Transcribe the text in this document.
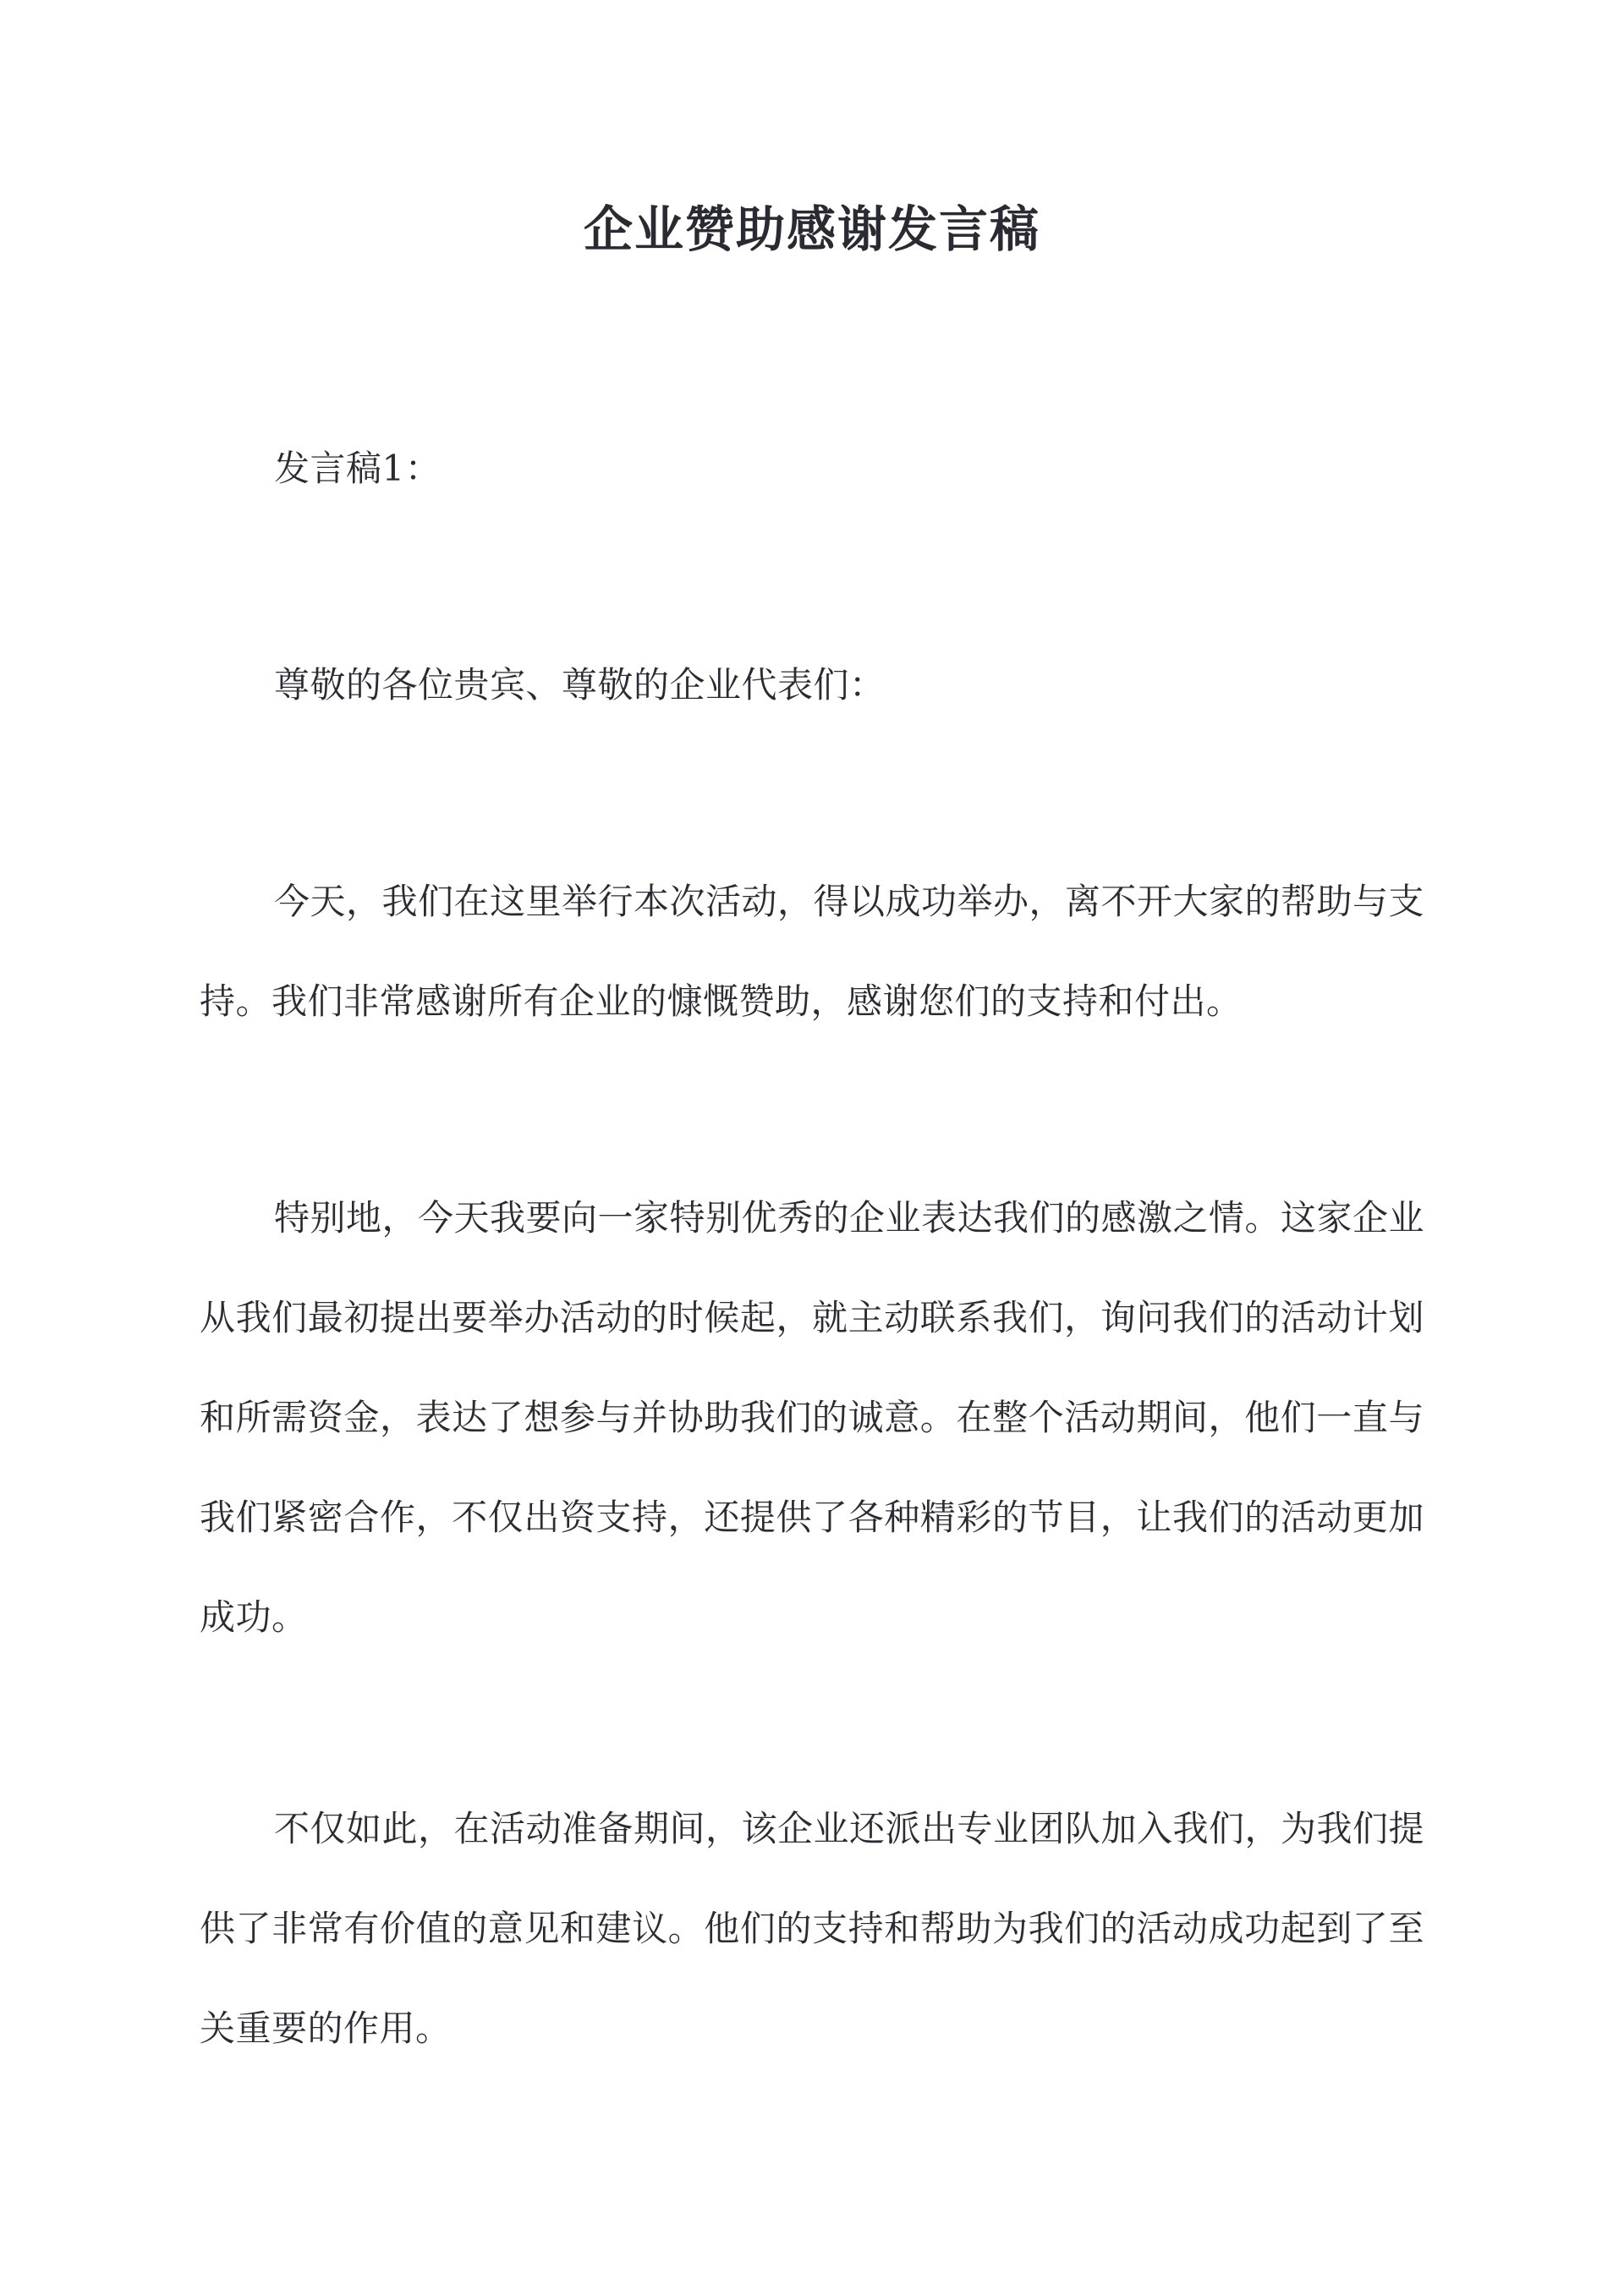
企业赞助感谢发言稿

发言稿1：

尊敬的各位贵宾、尊敬的企业代表们：

今天，我们在这里举行本次活动，得以成功举办，离不开大家的帮助与支持。我们非常感谢所有企业的慷慨赞助，感谢您们的支持和付出。

特别地，今天我要向一家特别优秀的企业表达我们的感激之情。这家企业从我们最初提出要举办活动的时候起，就主动联系我们，询问我们的活动计划和所需资金，表达了想参与并协助我们的诚意。在整个活动期间，他们一直与我们紧密合作，不仅出资支持，还提供了各种精彩的节目，让我们的活动更加成功。

不仅如此，在活动准备期间，该企业还派出专业团队加入我们，为我们提供了非常有价值的意见和建议。他们的支持和帮助为我们的活动成功起到了至关重要的作用。
